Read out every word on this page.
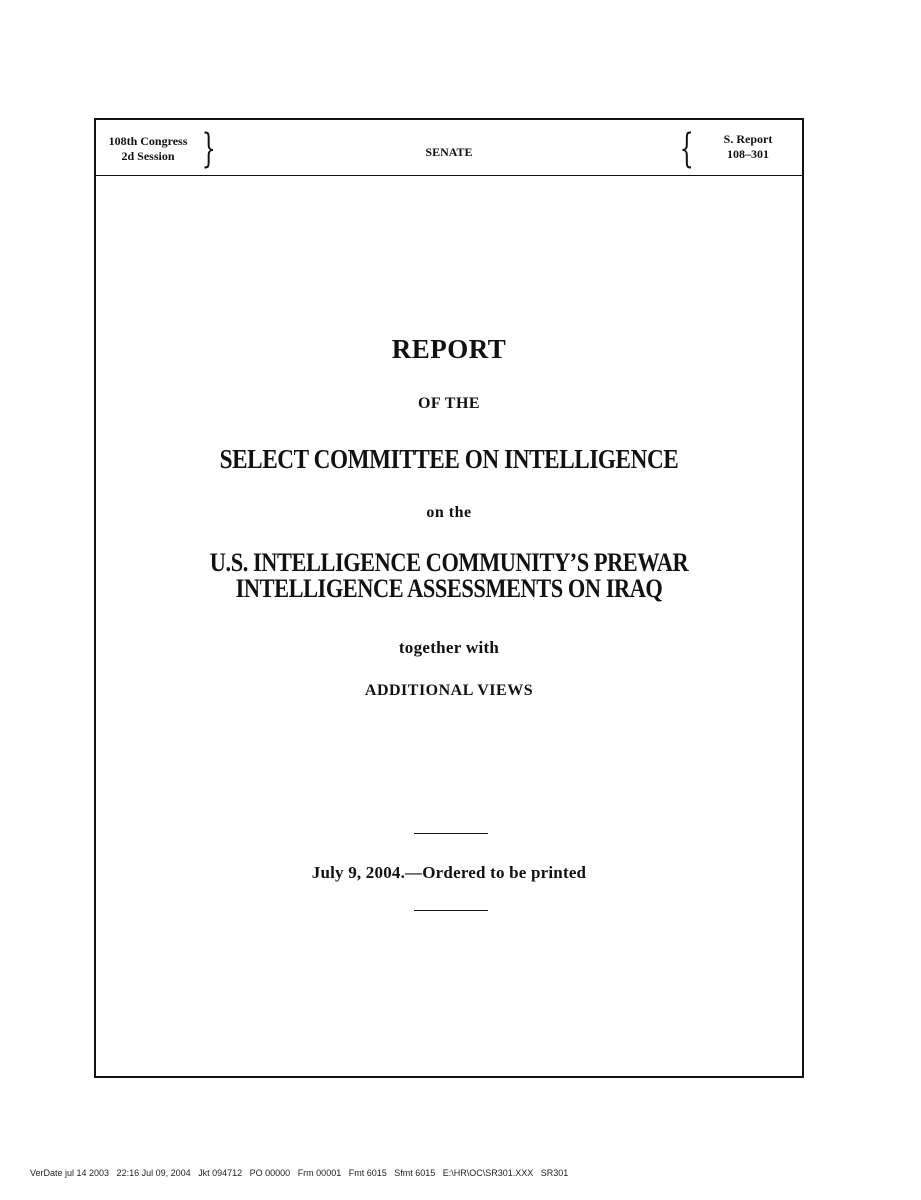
108th Congress
2d Session }	SENATE	{	S. Report
108–301
REPORT
OF THE
SELECT COMMITTEE ON INTELLIGENCE
on the
U.S. INTELLIGENCE COMMUNITY’S PREWAR INTELLIGENCE ASSESSMENTS ON IRAQ
together with
ADDITIONAL VIEWS
July 9, 2004.—Ordered to be printed
VerDate jul 14 2003   22:16 Jul 09, 2004   Jkt 094712   PO 00000   Frm 00001   Fmt 6015   Sfmt 6015   E:\HR\OC\SR301.XXX   SR301
